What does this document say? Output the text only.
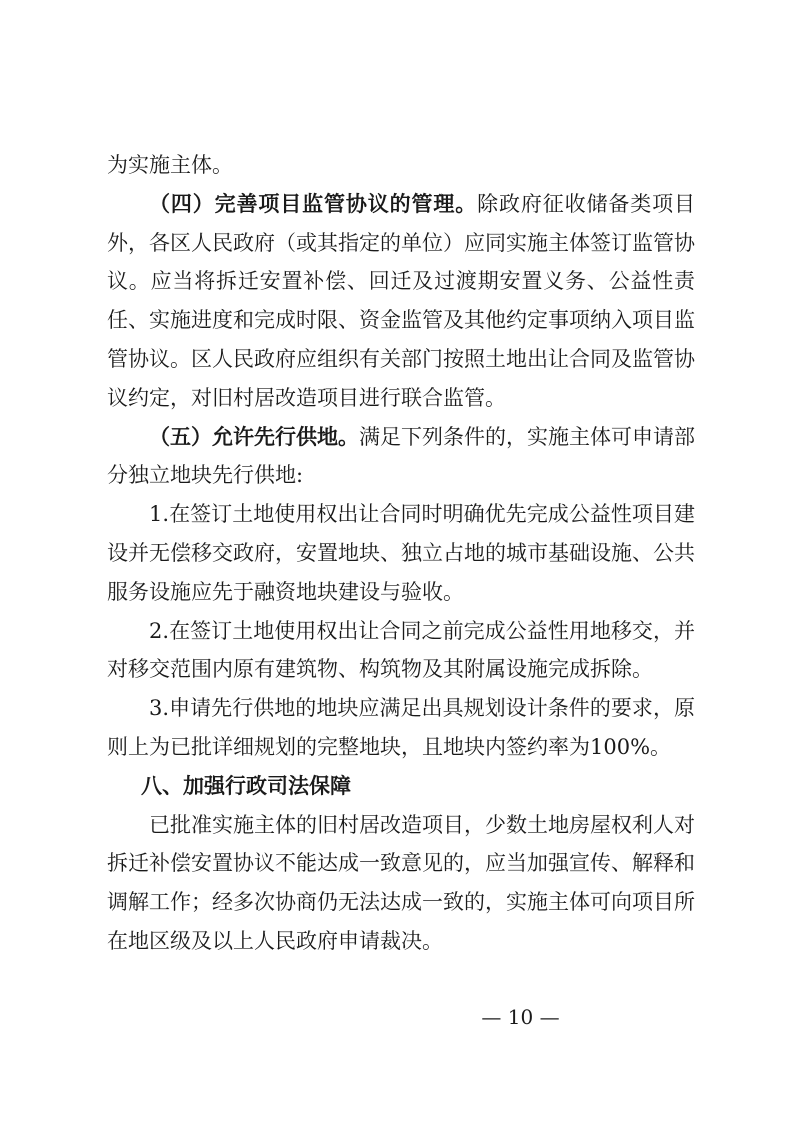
为实施主体。

（四）完善项目监管协议的管理。除政府征收储备类项目外，各区人民政府（或其指定的单位）应同实施主体签订监管协议。应当将拆迁安置补偿、回迁及过渡期安置义务、公益性责任、实施进度和完成时限、资金监管及其他约定事项纳入项目监管协议。区人民政府应组织有关部门按照土地出让合同及监管协议约定，对旧村居改造项目进行联合监管。

（五）允许先行供地。满足下列条件的，实施主体可申请部分独立地块先行供地:

1.在签订土地使用权出让合同时明确优先完成公益性项目建设并无偿移交政府，安置地块、独立占地的城市基础设施、公共服务设施应先于融资地块建设与验收。

2.在签订土地使用权出让合同之前完成公益性用地移交，并对移交范围内原有建筑物、构筑物及其附属设施完成拆除。

3.申请先行供地的地块应满足出具规划设计条件的要求，原则上为已批详细规划的完整地块，且地块内签约率为100%。

八、加强行政司法保障

已批准实施主体的旧村居改造项目，少数土地房屋权利人对拆迁补偿安置协议不能达成一致意见的，应当加强宣传、解释和调解工作；经多次协商仍无法达成一致的，实施主体可向项目所在地区级及以上人民政府申请裁决。

— 10 —
